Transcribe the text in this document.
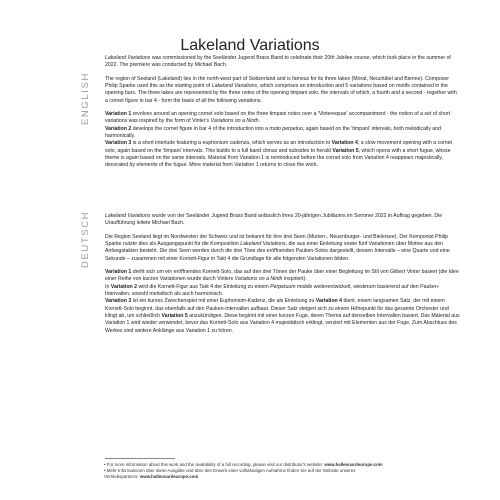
Lakeland Variations
ENGLISH

Lakeland Variations was commissioned by the Seeländer Jugend Brass Band to celebrate their 20th Jubilee course, which took place in the summer of 2022. The premiere was conducted by Michael Bach.

The region of Seeland (Lakeland) lies in the north-west part of Switzerland and is famous for its three lakes (Morat, Neuchâtel and Bienne). Composer Philip Sparke used this as the starting point of Lakeland Variations, which comprises an introduction and 5 variations based on motifs contained in the opening bars. The three lakes are represented by the three notes of the opening timpani solo, the intervals of which, a fourth and a second - together with a cornet figure in bar 4 - form the basis of all the following variations.

Variation 1 revolves around an opening cornet solo based on the three timpani notes over a 'Vintereqsue' accompaniment - the notion of a set of short variations was inspired by the form of Vinter's Variations on a Ninth.
Variation 2 develops the cornet figure in bar 4 of the introduction into a moto perpetuo, again based on the 'timpani' intervals, both melodically and harmonically.
Variation 3 is a short interlude featuring a euphonium cadenza, which serves as an introduction to Variation 4, a slow movement opening with a cornet solo, again based on the 'timpani' intervals. This builds to a full band climax and subsides to herald Variation 5, which opens with a short fugue, whose theme is again based on the same intervals. Material from Variation 1 is reintroduced before the cornet solo from Variation 4 reappears majestically, decorated by elements of the fugue. More material from Variation 1 returns to close the work.

DEUTSCH	Lakeland Variations wurde von der Seeländer Jugend Brass Band anlässlich ihres 20-jährigen Jubiläums im Sommer 2022 in Auftrag gegeben. Die Uraufführung leitete Michael Bach.

Die Region Seeland liegt im Nordwesten der Schweiz und ist bekannt für ihre drei Seen (Murten-, Neuenburger- und Bielersee). Der Komponist Philip Sparke nutzte dies als Ausgangspunkt für die Komposition Lakeland Variations, die aus einer Einleitung sowie fünf Variationen über Motive aus den Anfangstakten besteht. Die drei Seen werden durch die drei Töne des eröffnenden Pauken-Solos dargestellt, dessen Intervalle – eine Quarte und eine Sekunde – zusammen mit einer Kornett-Figur in Takt 4 die Grundlage für alle folgenden Variationen bilden.

Variation 1 dreht sich um ein eröffnendes Kornett-Solo, das auf den drei Tönen der Pauke über einer Begleitung im Stil von Gilbert Vinter basiert (die Idee einer Reihe von kurzen Variationen wurde durch Vinters Variations on a Ninth inspiriert).
In Variation 2 wird die Kornett-Figur aus Takt 4 der Einleitung zu einem Perpetuum mobile weiterentwickelt, wiederum basierend auf den Pauken-Intervallen, sowohl melodisch als auch harmonisch.
Variation 3 ist ein kurzes Zwischenspiel mit einer Euphonium-Kadenz, die als Einleitung zu Variation 4 dient, einem langsamen Satz, der mit einem Kornett-Solo beginnt, das ebenfalls auf den Pauken-Intervallen aufbaut. Dieser Satz steigert sich zu einem Höhepunkt für das gesamte Orchester und klingt ab, um schließlich Variation 5 anzukündigen. Diese beginnt mit einer kurzen Fuge, deren Thema auf denselben Intervallen basiert. Das Material aus Variation 1 wird wieder verwendet, bevor das Kornett-Solo aus Variation 4 majestätisch erklingt, verziert mit Elementen aus der Fuge. Zum Abschluss des Werkes sind weitere Anklänge aus Variation 1 zu hören.

• For more information about this work and the availability of a full recording, please visit our distributor's website: www.halleonardeurope.com
• Mehr Informationen über diese Ausgabe und über den Erwerb einer vollständigen Aufnahme finden Sie auf der Website unseres
Vertriebspartners: www.halleonardeurope.com
